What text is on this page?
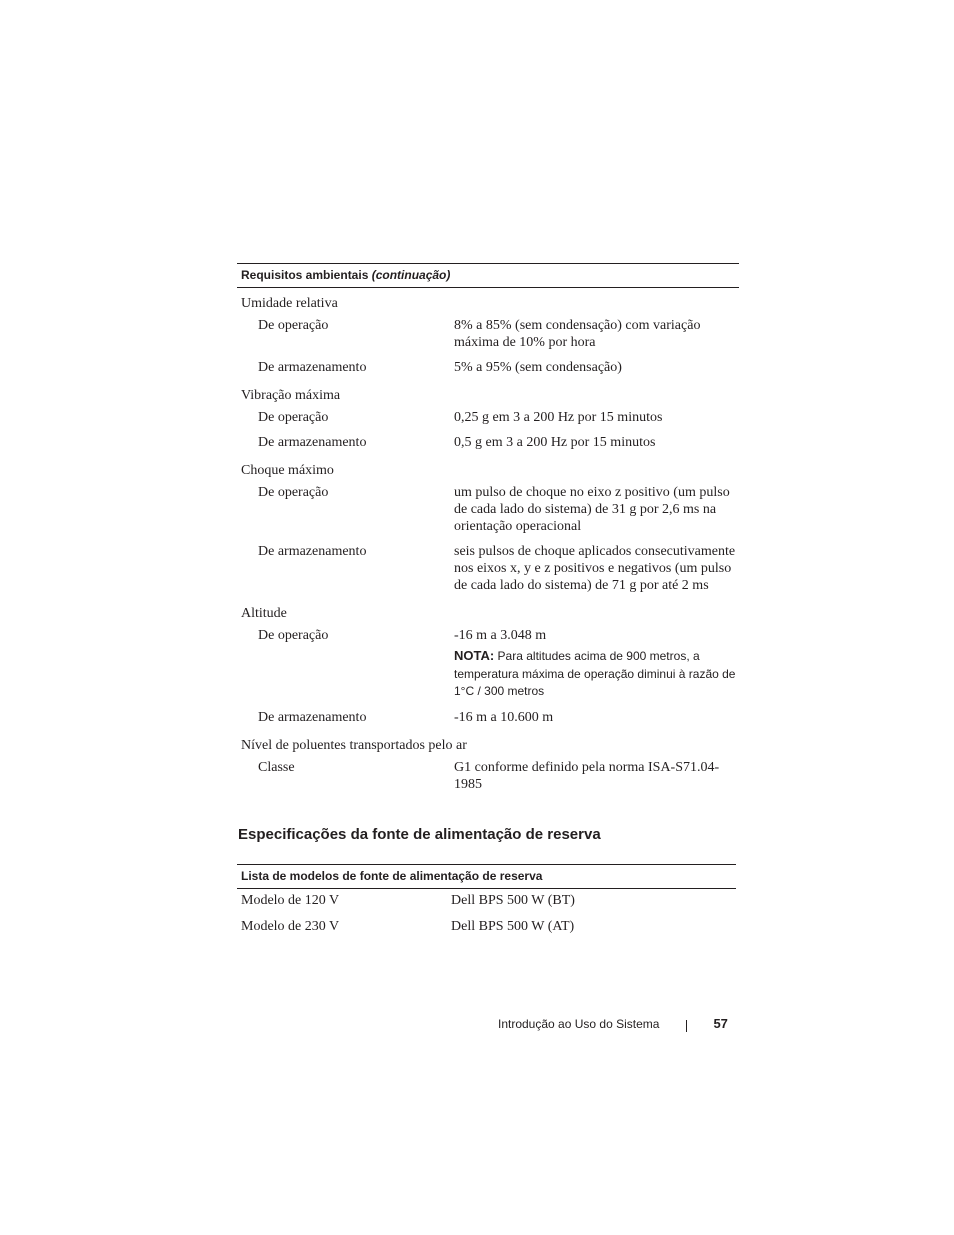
Requisitos ambientais (continuação)
Umidade relativa
De operação	8% a 85% (sem condensação) com variação máxima de 10% por hora
De armazenamento	5% a 95% (sem condensação)
Vibração máxima
De operação	0,25 g em 3 a 200 Hz por 15 minutos
De armazenamento	0,5 g em 3 a 200 Hz por 15 minutos
Choque máximo
De operação	um pulso de choque no eixo z positivo (um pulso de cada lado do sistema) de 31 g por 2,6 ms na orientação operacional
De armazenamento	seis pulsos de choque aplicados consecutivamente nos eixos x, y e z positivos e negativos (um pulso de cada lado do sistema) de 71 g por até 2 ms
Altitude
De operação	-16 m a 3.048 m
NOTA: Para altitudes acima de 900 metros, a temperatura máxima de operação diminui à razão de 1°C / 300 metros
De armazenamento	-16 m a 10.600 m
Nível de poluentes transportados pelo ar
Classe	G1 conforme definido pela norma ISA-S71.04-1985
Especificações da fonte de alimentação de reserva
Lista de modelos de fonte de alimentação de reserva
Modelo de 120 V	Dell BPS 500 W (BT)
Modelo de 230 V	Dell BPS 500 W (AT)
Introdução ao Uso do Sistema	57
